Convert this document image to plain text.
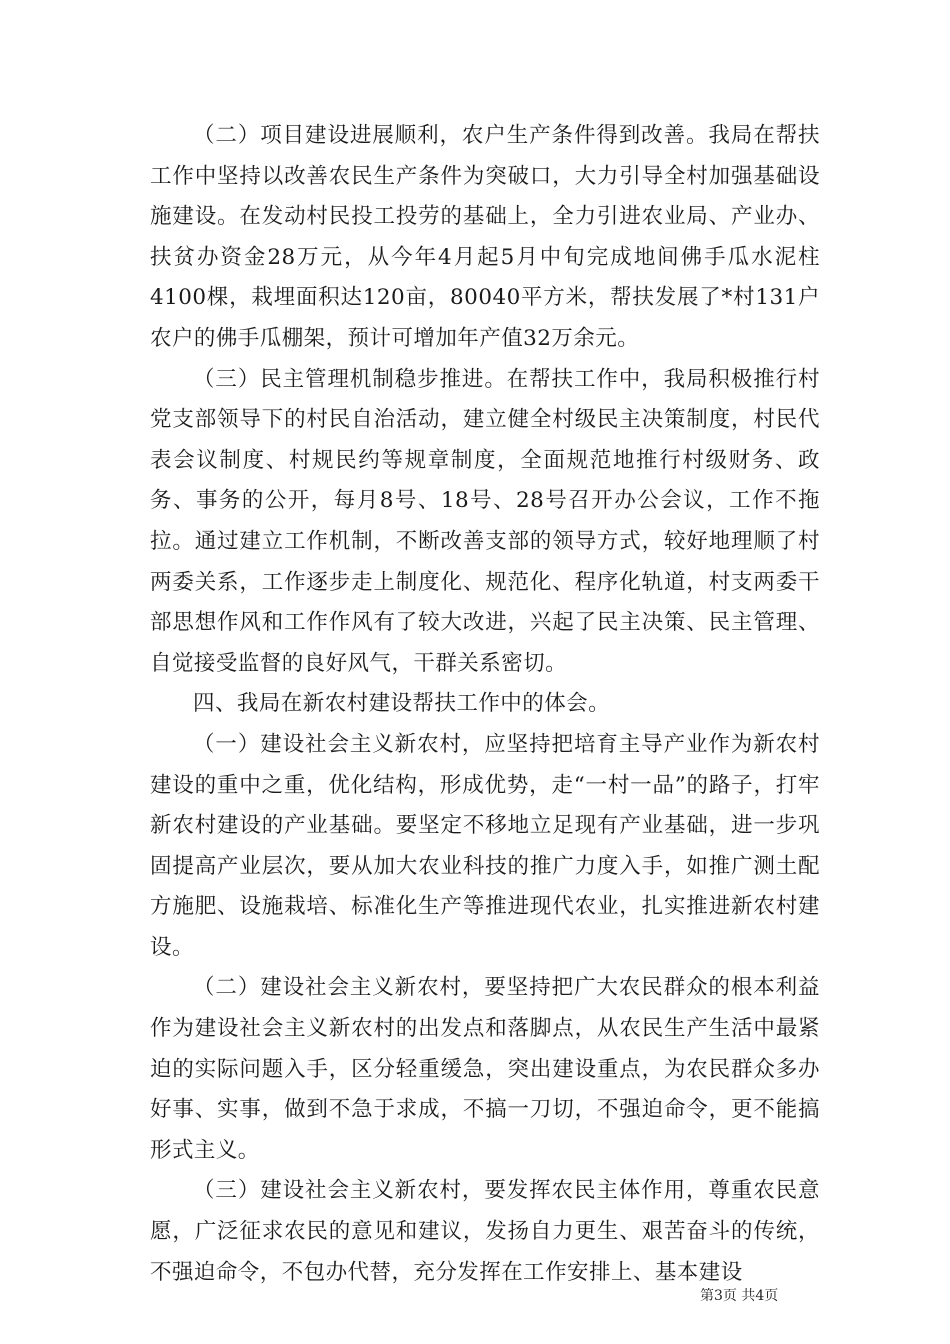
（二）项目建设进展顺利，农户生产条件得到改善。我局在帮扶工作中坚持以改善农民生产条件为突破口，大力引导全村加强基础设施建设。在发动村民投工投劳的基础上，全力引进农业局、产业办、扶贫办资金28万元，从今年4月起5月中旬完成地间佛手瓜水泥柱4100棵，栽埋面积达120亩，80040平方米，帮扶发展了*村131户农户的佛手瓜棚架，预计可增加年产值32万余元。

（三）民主管理机制稳步推进。在帮扶工作中，我局积极推行村党支部领导下的村民自治活动，建立健全村级民主决策制度，村民代表会议制度、村规民约等规章制度，全面规范地推行村级财务、政务、事务的公开，每月8号、18号、28号召开办公会议，工作不拖拉。通过建立工作机制，不断改善支部的领导方式，较好地理顺了村两委关系，工作逐步走上制度化、规范化、程序化轨道，村支两委干部思想作风和工作作风有了较大改进，兴起了民主决策、民主管理、自觉接受监督的良好风气，干群关系密切。

四、我局在新农村建设帮扶工作中的体会。

（一）建设社会主义新农村，应坚持把培育主导产业作为新农村建设的重中之重，优化结构，形成优势，走“一村一品”的路子，打牢新农村建设的产业基础。要坚定不移地立足现有产业基础，进一步巩固提高产业层次，要从加大农业科技的推广力度入手，如推广测土配方施肥、设施栽培、标准化生产等推进现代农业，扎实推进新农村建设。

（二）建设社会主义新农村，要坚持把广大农民群众的根本利益作为建设社会主义新农村的出发点和落脚点，从农民生产生活中最紧迫的实际问题入手，区分轻重缓急，突出建设重点，为农民群众多办好事、实事，做到不急于求成，不搞一刀切，不强迫命令，更不能搞形式主义。

（三）建设社会主义新农村，要发挥农民主体作用，尊重农民意愿，广泛征求农民的意见和建议，发扬自力更生、艰苦奋斗的传统，不强迫命令，不包办代替，充分发挥在工作安排上、基本建设

第3页 共4页
